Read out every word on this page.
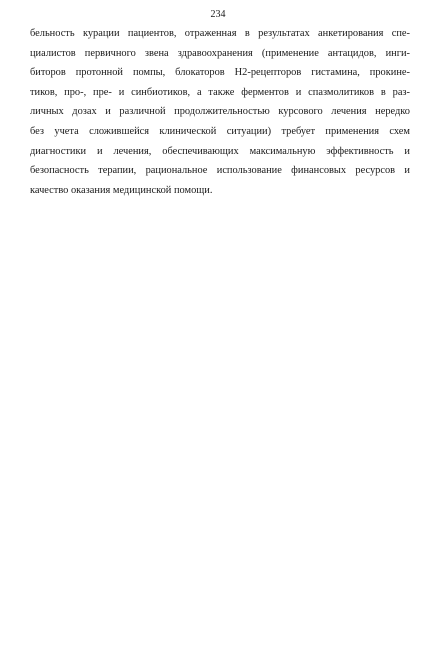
234
бельность курации пациентов, отраженная в результатах анкетирования спе-
циалистов первичного звена здравоохранения (применение антацидов, инги-
биторов протонной помпы, блокаторов Н2-рецепторов гистамина, прокине-
тиков, про-, пре- и синбиотиков, а также ферментов и спазмолитиков в раз-
личных дозах и различной продолжительностью курсового лечения нередко
без учета сложившейся клинической ситуации) требует применения схем
диагностики и лечения, обеспечивающих максимальную эффективность и
безопасность терапии, рациональное использование финансовых ресурсов и
качество оказания медицинской помощи.
